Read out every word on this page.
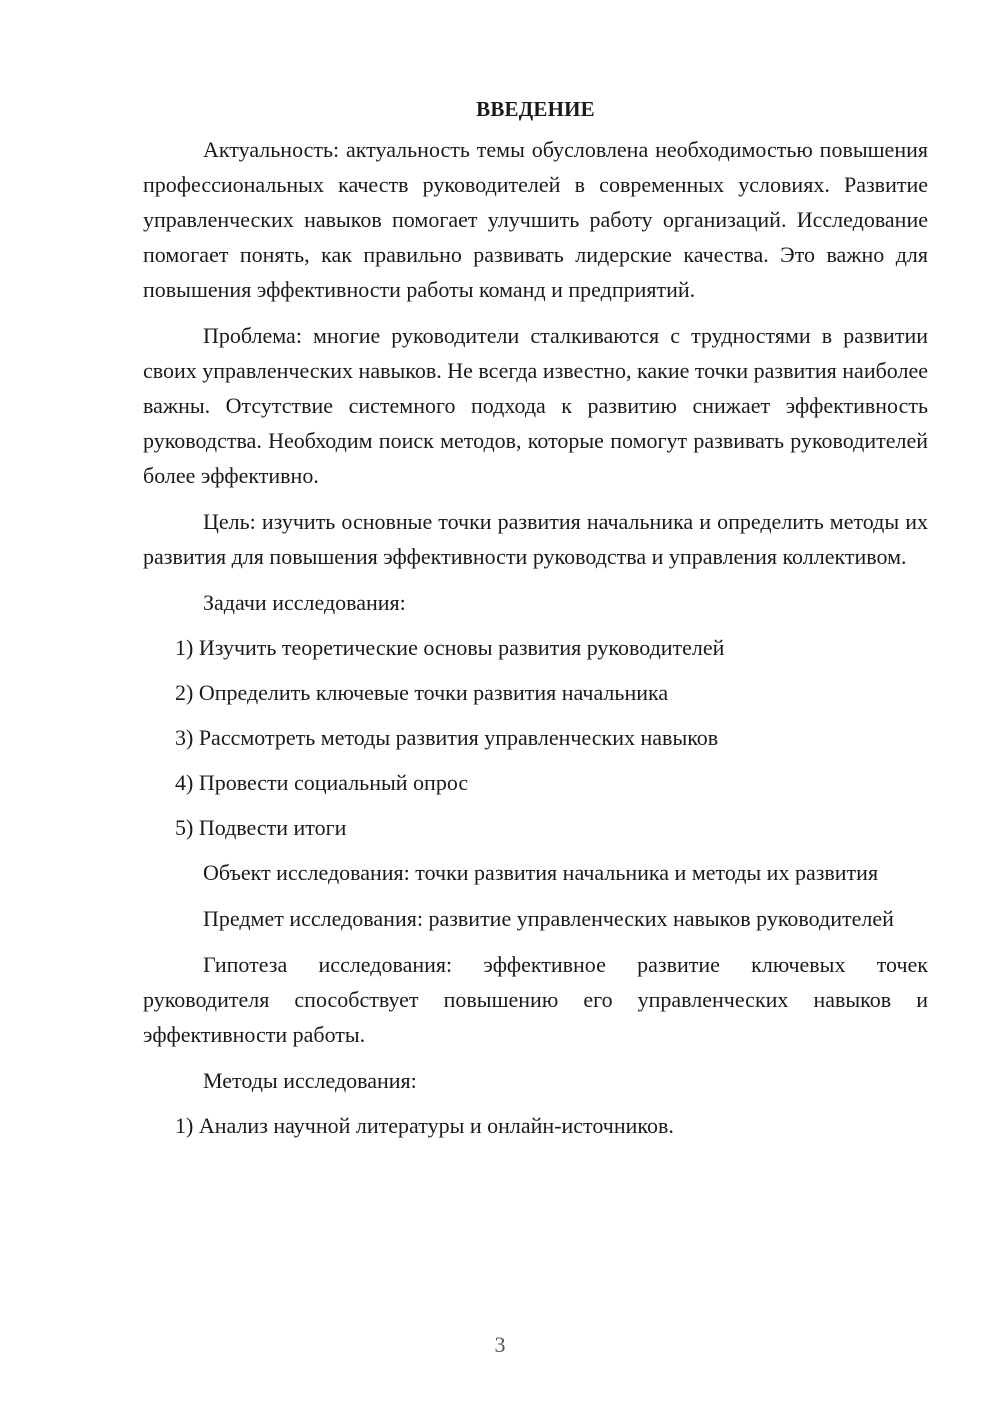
ВВЕДЕНИЕ

Актуальность: актуальность темы обусловлена необходимостью повышения профессиональных качеств руководителей в современных условиях. Развитие управленческих навыков помогает улучшить работу организаций. Исследование помогает понять, как правильно развивать лидерские качества. Это важно для повышения эффективности работы команд и предприятий.

Проблема: многие руководители сталкиваются с трудностями в развитии своих управленческих навыков. Не всегда известно, какие точки развития наиболее важны. Отсутствие системного подхода к развитию снижает эффективность руководства. Необходим поиск методов, которые помогут развивать руководителей более эффективно.

Цель: изучить основные точки развития начальника и определить методы их развития для повышения эффективности руководства и управления коллективом.

Задачи исследования:

1) Изучить теоретические основы развития руководителей
2) Определить ключевые точки развития начальника
3) Рассмотреть методы развития управленческих навыков
4) Провести социальный опрос
5) Подвести итоги

Объект исследования: точки развития начальника и методы их развития

Предмет исследования: развитие управленческих навыков руководителей

Гипотеза исследования: эффективное развитие ключевых точек руководителя способствует повышению его управленческих навыков и эффективности работы.

Методы исследования:

1) Анализ научной литературы и онлайн-источников.
3
